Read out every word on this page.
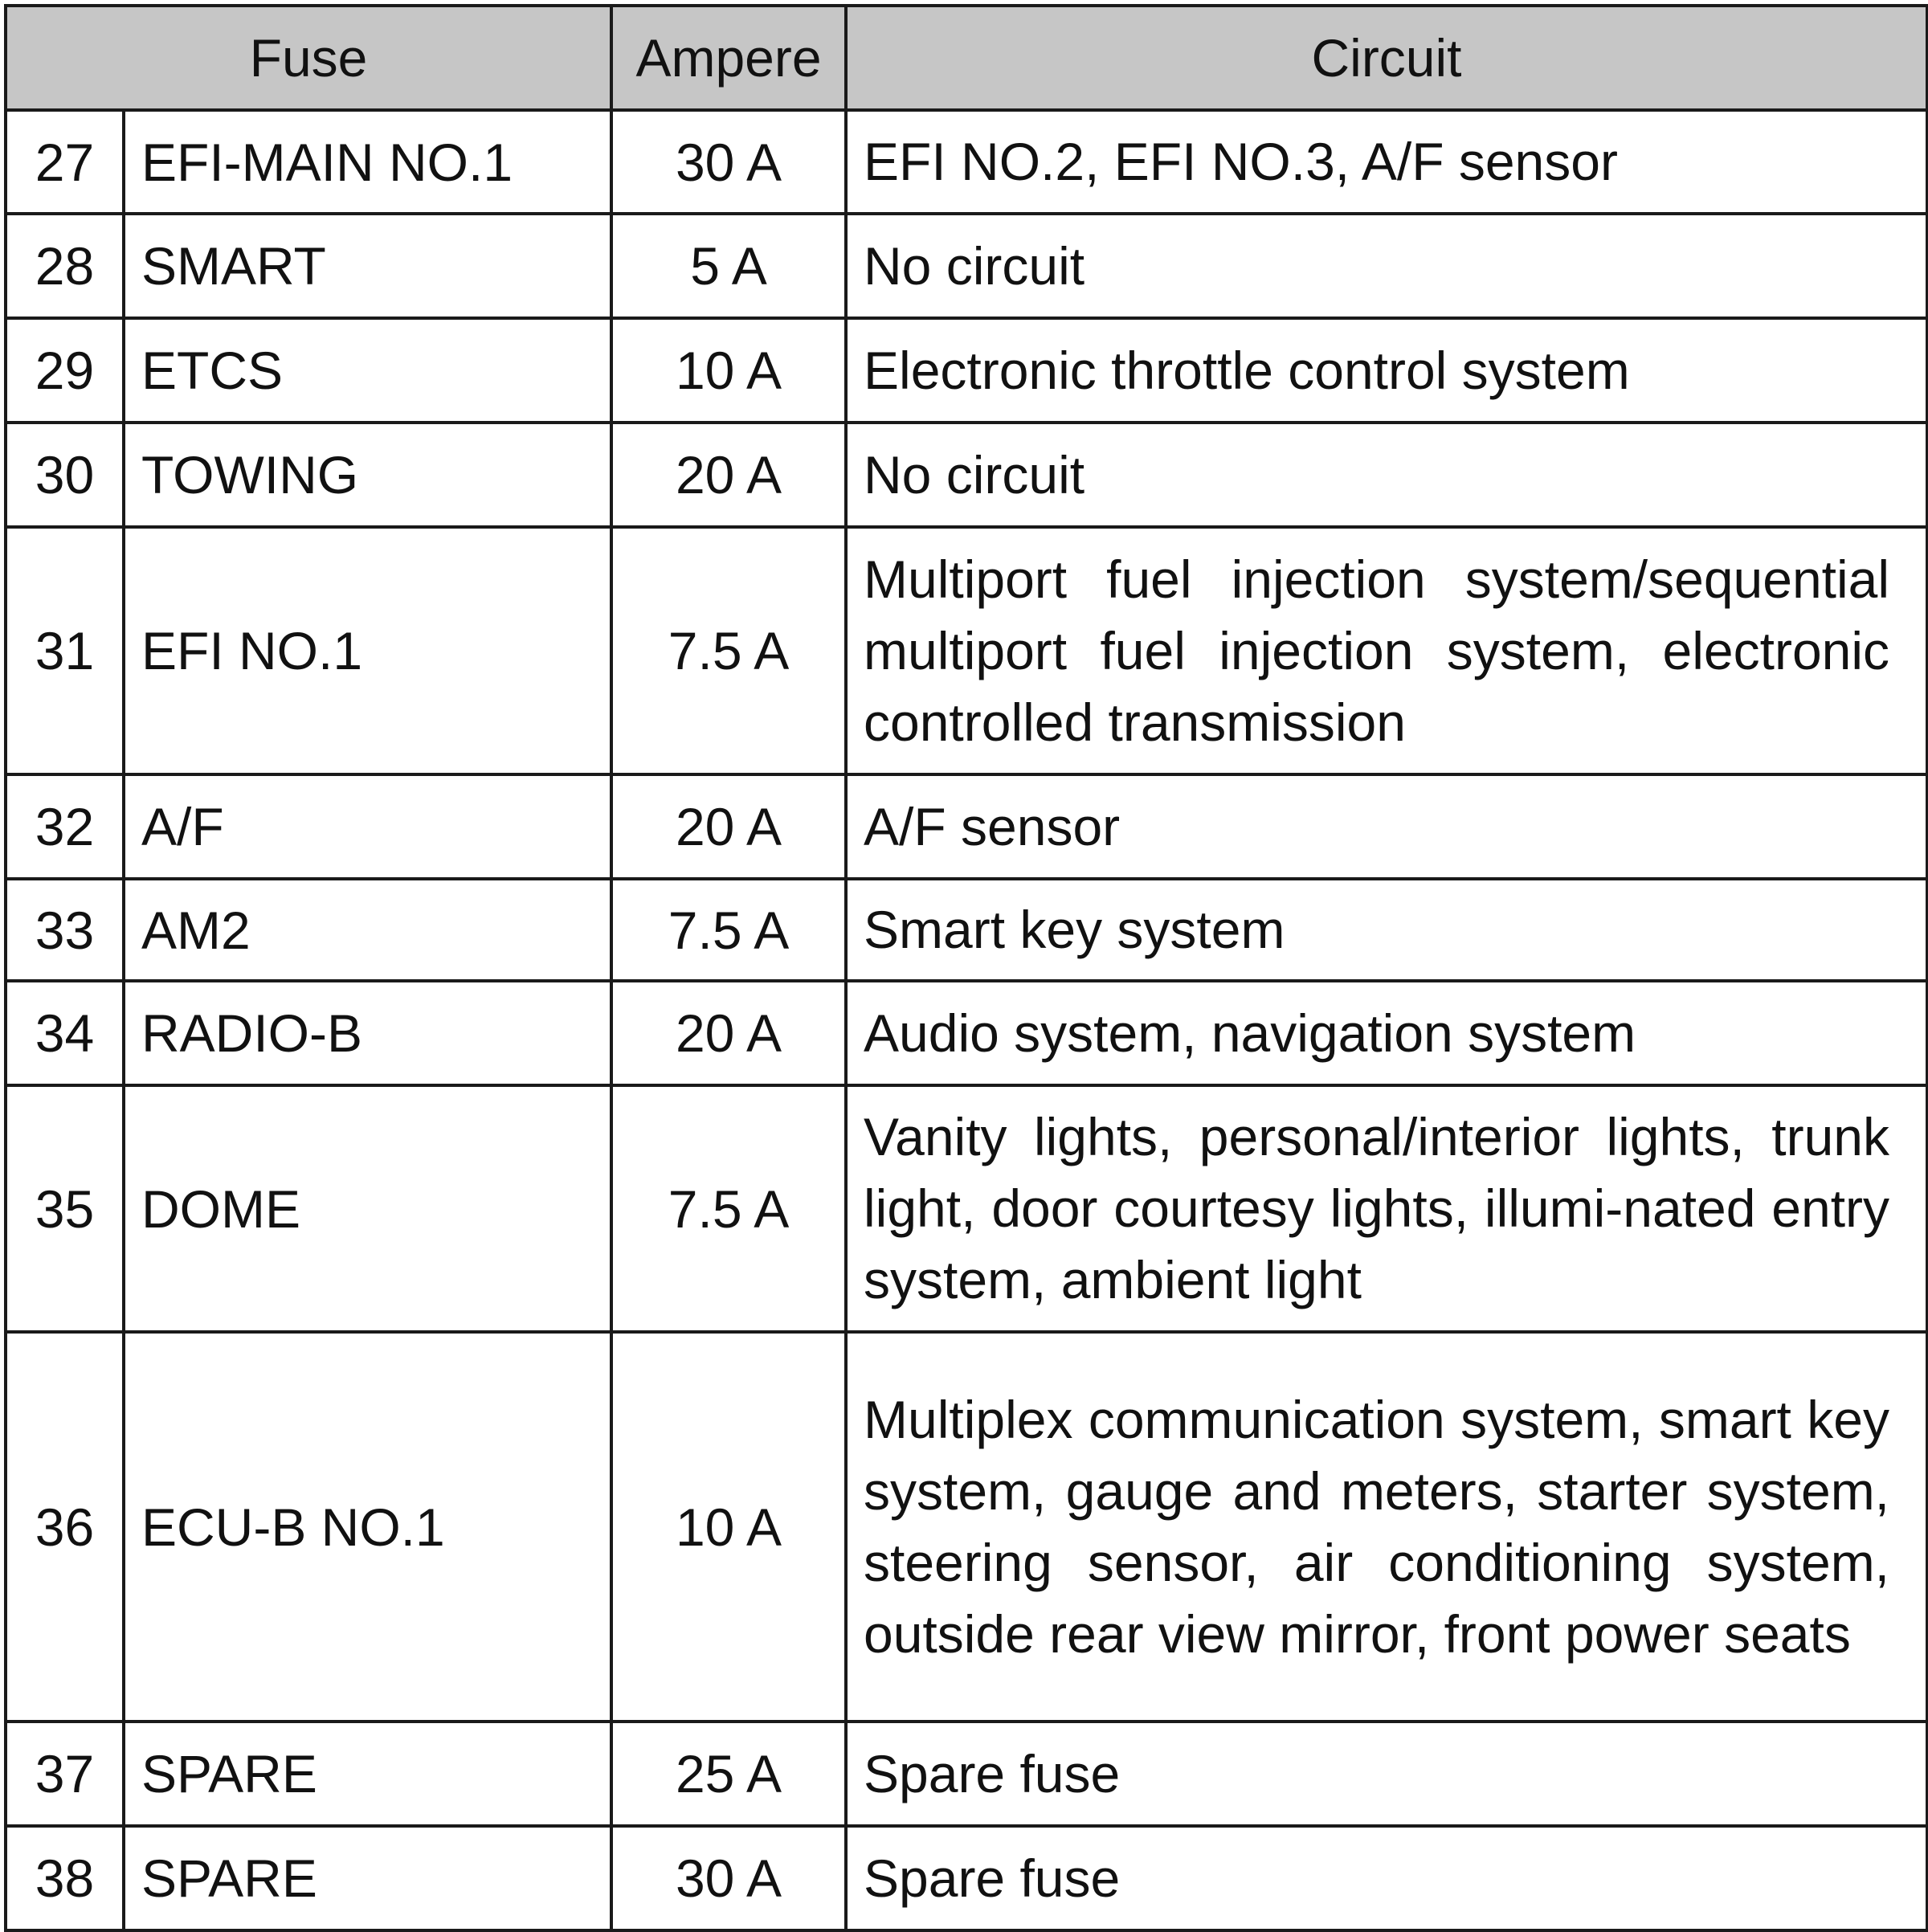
Fuse		Ampere	Circuit
27	EFI-MAIN NO.1	30 A	EFI NO.2, EFI NO.3, A/F sensor

28	SMART	5 A	No circuit

29	ETCS	10 A	Electronic throttle control system

30	TOWING	20 A	No circuit

31	EFI NO.1	7.5 A	Multiport fuel injection system/sequential multiport fuel injection system, electronic controlled transmission

32	A/F	20 A	A/F sensor

33	AM2	7.5 A	Smart key system

34	RADIO-B	20 A	Audio system, navigation system

35	DOME	7.5 A	Vanity lights, personal/interior lights, trunk light, door courtesy lights, illumi-nated entry system, ambient light

36	ECU-B NO.1	10 A	Multiplex communication system, smart key system, gauge and meters, starter system, steering sensor, air conditioning system, outside rear view mirror, front power seats

37	SPARE	25 A	Spare fuse

38	SPARE	30 A	Spare fuse
